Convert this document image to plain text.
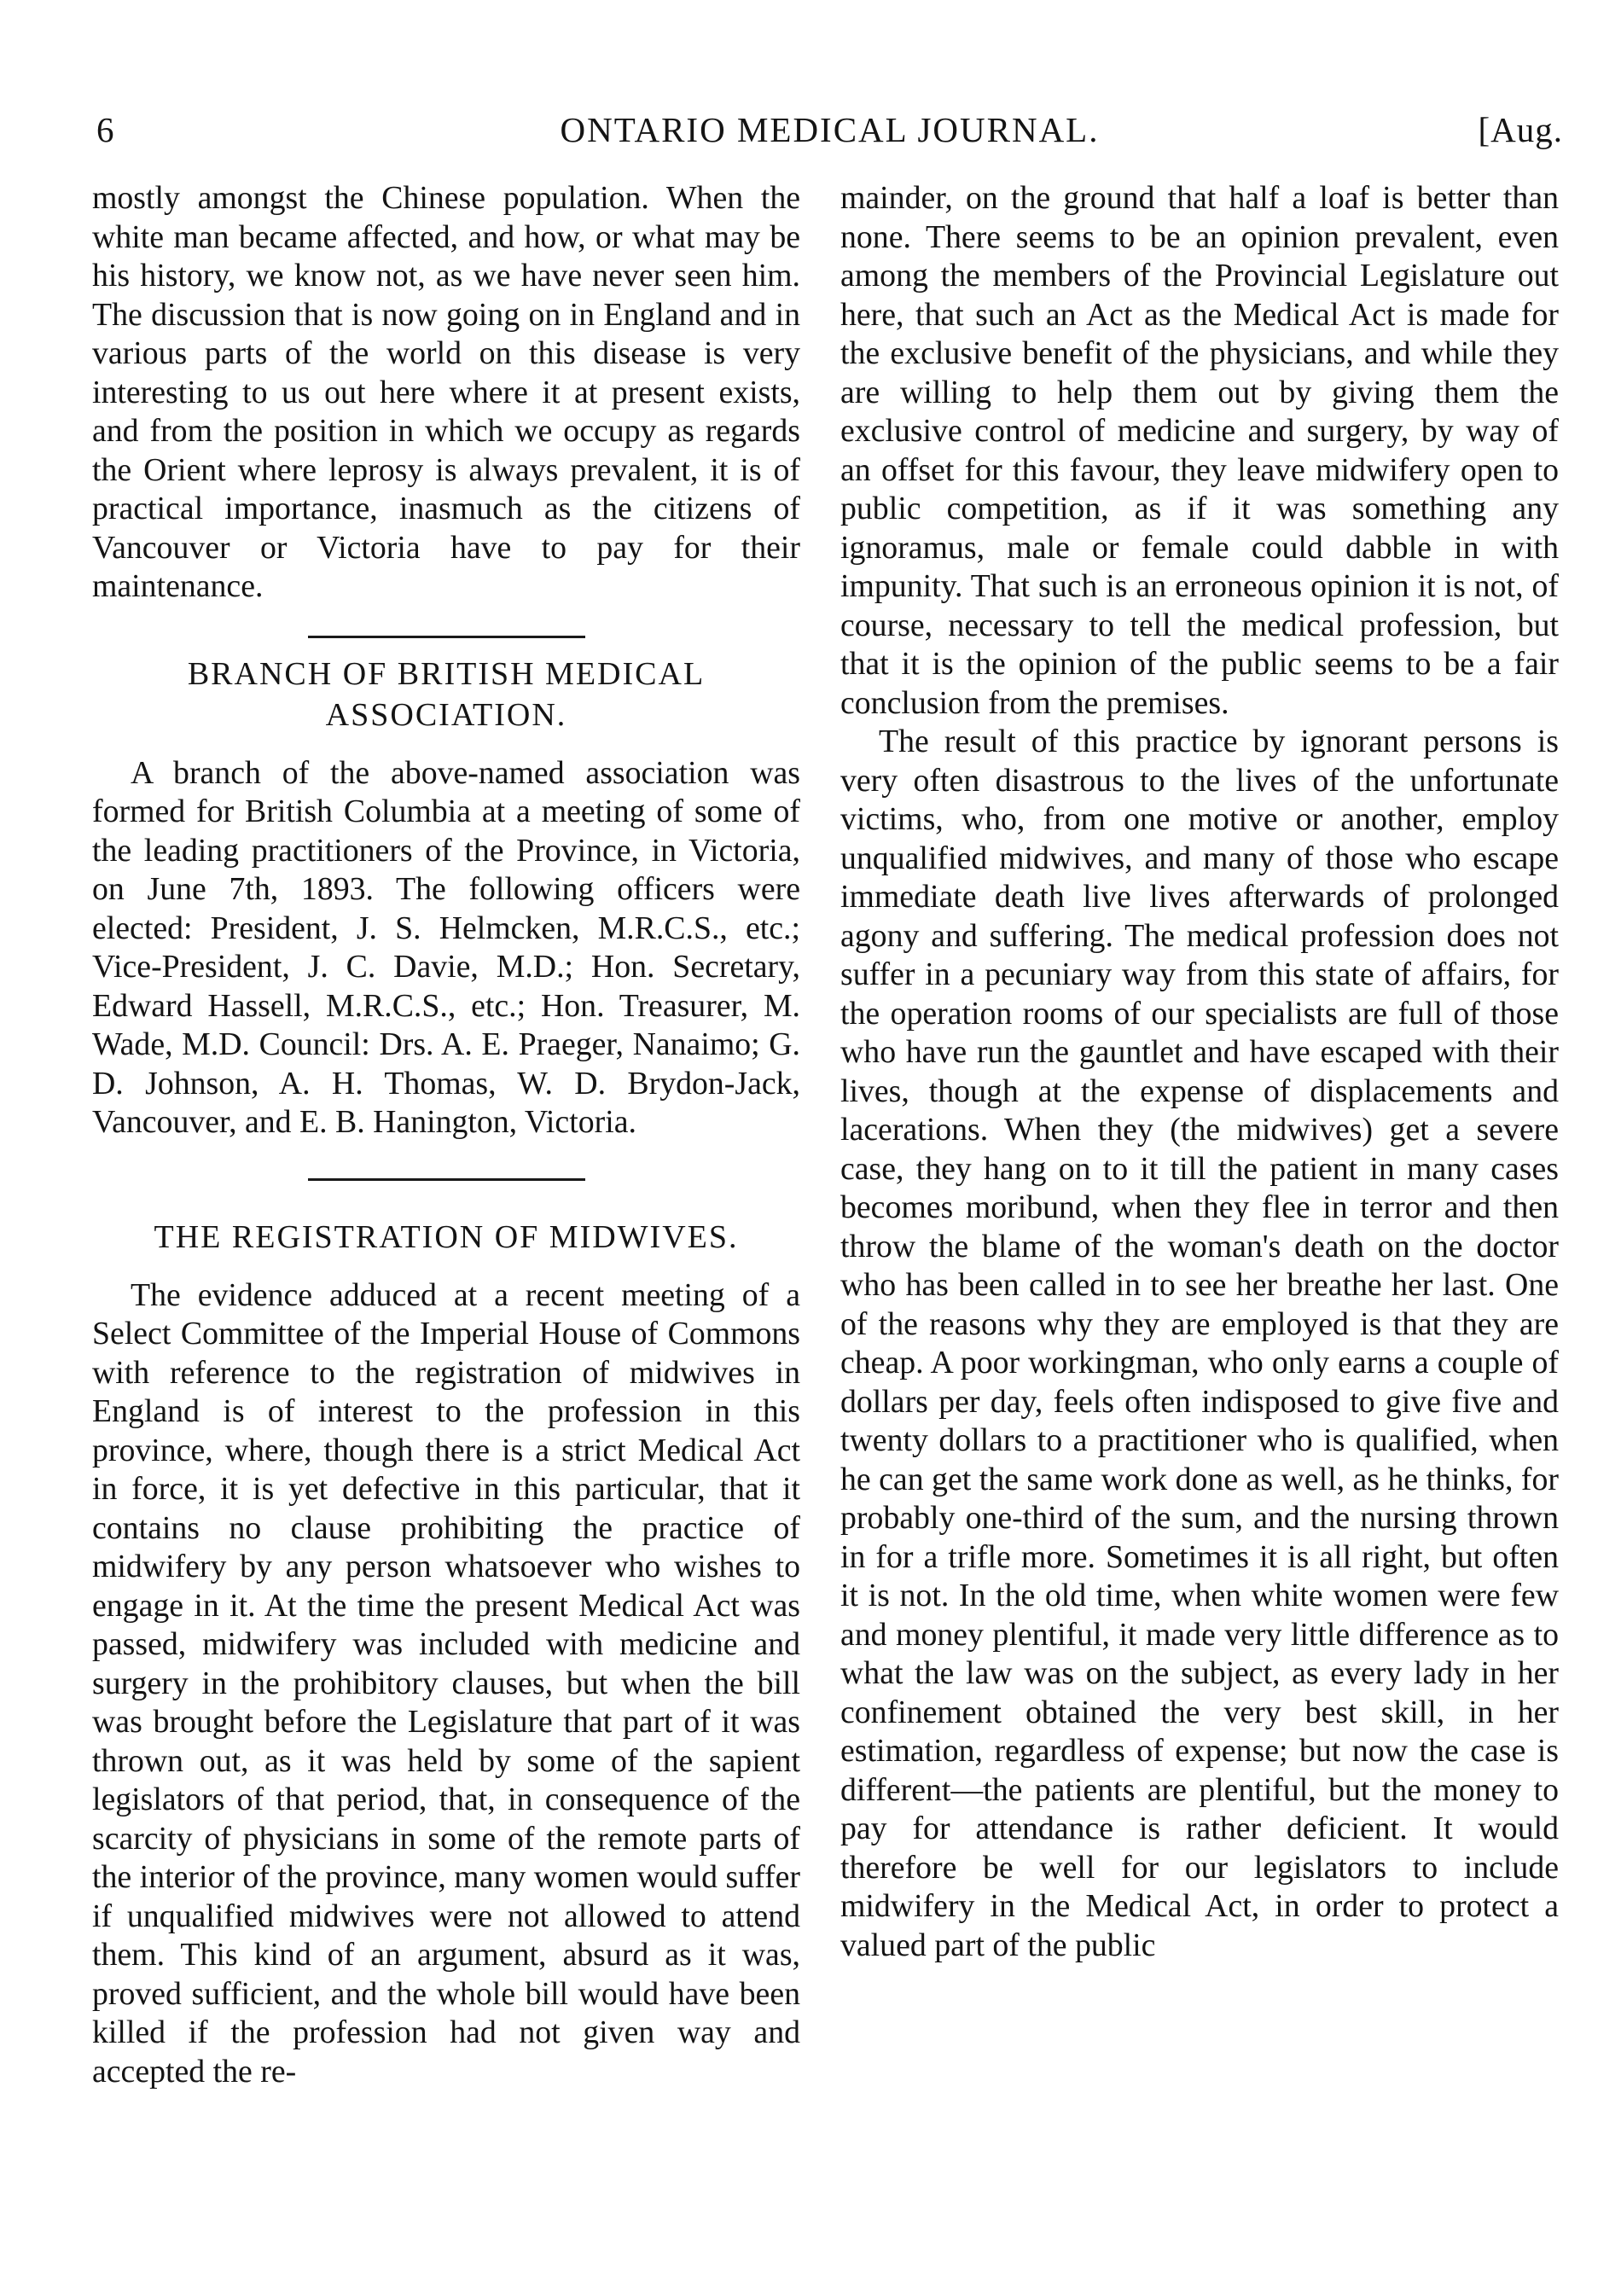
6	ONTARIO MEDICAL JOURNAL.	[Aug.

mostly amongst the Chinese population. When the white man became affected, and how, or what may be his history, we know not, as we have never seen him. The discussion that is now going on in England and in various parts of the world on this disease is very interesting to us out here where it at present exists, and from the position in which we occupy as regards the Orient where leprosy is always prevalent, it is of practical importance, inasmuch as the citizens of Vancouver or Victoria have to pay for their maintenance.

BRANCH OF BRITISH MEDICAL ASSOCIATION.

A branch of the above-named association was formed for British Columbia at a meeting of some of the leading practitioners of the Province, in Victoria, on June 7th, 1893. The following officers were elected: President, J. S. Helmcken, M.R.C.S., etc.; Vice-President, J. C. Davie, M.D.; Hon. Secretary, Edward Hassell, M.R.C.S., etc.; Hon. Treasurer, M. Wade, M.D. Council: Drs. A. E. Praeger, Nanaimo; G. D. Johnson, A. H. Thomas, W. D. Brydon-Jack, Vancouver, and E. B. Hanington, Victoria.

THE REGISTRATION OF MIDWIVES.

The evidence adduced at a recent meeting of a Select Committee of the Imperial House of Commons with reference to the registration of midwives in England is of interest to the profession in this province, where, though there is a strict Medical Act in force, it is yet defective in this particular, that it contains no clause prohibiting the practice of midwifery by any person whatsoever who wishes to engage in it. At the time the present Medical Act was passed, midwifery was included with medicine and surgery in the prohibitory clauses, but when the bill was brought before the Legislature that part of it was thrown out, as it was held by some of the sapient legislators of that period, that, in consequence of the scarcity of physicians in some of the remote parts of the interior of the province, many women would suffer if unqualified midwives were not allowed to attend them. This kind of an argument, absurd as it was, proved sufficient, and the whole bill would have been killed if the profession had not given way and accepted the re-

mainder, on the ground that half a loaf is better than none. There seems to be an opinion prevalent, even among the members of the Provincial Legislature out here, that such an Act as the Medical Act is made for the exclusive benefit of the physicians, and while they are willing to help them out by giving them the exclusive control of medicine and surgery, by way of an offset for this favour, they leave midwifery open to public competition, as if it was something any ignoramus, male or female could dabble in with impunity. That such is an erroneous opinion it is not, of course, necessary to tell the medical profession, but that it is the opinion of the public seems to be a fair conclusion from the premises.

The result of this practice by ignorant persons is very often disastrous to the lives of the unfortunate victims, who, from one motive or another, employ unqualified midwives, and many of those who escape immediate death live lives afterwards of prolonged agony and suffering. The medical profession does not suffer in a pecuniary way from this state of affairs, for the operation rooms of our specialists are full of those who have run the gauntlet and have escaped with their lives, though at the expense of displacements and lacerations. When they (the midwives) get a severe case, they hang on to it till the patient in many cases becomes moribund, when they flee in terror and then throw the blame of the woman's death on the doctor who has been called in to see her breathe her last. One of the reasons why they are employed is that they are cheap. A poor workingman, who only earns a couple of dollars per day, feels often indisposed to give five and twenty dollars to a practitioner who is qualified, when he can get the same work done as well, as he thinks, for probably one-third of the sum, and the nursing thrown in for a trifle more. Sometimes it is all right, but often it is not. In the old time, when white women were few and money plentiful, it made very little difference as to what the law was on the subject, as every lady in her confinement obtained the very best skill, in her estimation, regardless of expense; but now the case is different—the patients are plentiful, but the money to pay for attendance is rather deficient. It would therefore be well for our legislators to include midwifery in the Medical Act, in order to protect a valued part of the public
